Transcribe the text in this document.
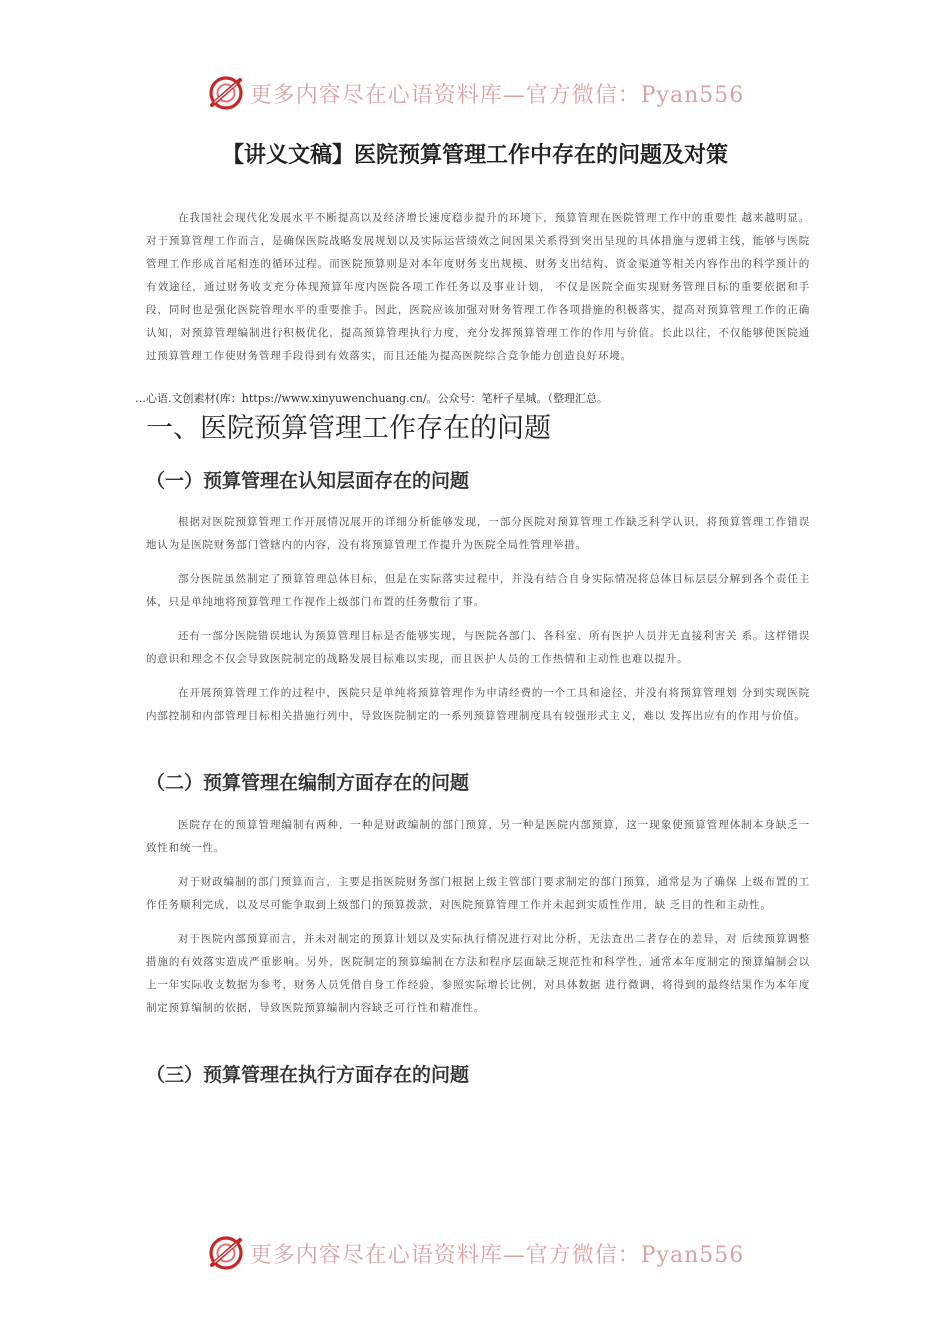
更多内容尽在心语资料库—官方微信：Pyan556
【讲义文稿】医院预算管理工作中存在的问题及对策

在我国社会现代化发展水平不断提高以及经济增长速度稳步提升的环境下，预算管理在医院管理工作中的重要性 越来越明显。对于预算管理工作而言，是确保医院战略发展规划以及实际运营绩效之间因果关系得到突出呈现的具体措施与逻辑主线，能够与医院管理工作形成首尾相连的循环过程。而医院预算则是对本年度财务支出规模、财务支出结构、资金渠道等相关内容作出的科学预计的有效途径，通过财务收支充分体现预算年度内医院各项工作任务以及事业计划， 不仅是医院全面实现财务管理目标的重要依据和手段，同时也是强化医院管理水平的重要推手。因此，医院应该加强对财务管理工作各项措施的积极落实，提高对预算管理工作的正确认知，对预算管理编制进行积极优化，提高预算管理执行力度，充分发挥预算管理工作的作用与价值。长此以往，不仅能够使医院通过预算管理工作使财务管理手段得到有效落实，而且还能为提高医院综合竞争能力创造良好环境。

…心语.文创素材(库：https://www.xinyuwenchuang.cn/。公众号：笔杆子星城。（整理汇总。
一、医院预算管理工作存在的问题
（一）预算管理在认知层面存在的问题

根据对医院预算管理工作开展情况展开的详细分析能够发现，一部分医院对预算管理工作缺乏科学认识，将预算管理工作错误地认为是医院财务部门管辖内的内容，没有将预算管理工作提升为医院全局性管理举措。

部分医院虽然制定了预算管理总体目标，但是在实际落实过程中，并没有结合自身实际情况将总体目标层层分解到各个责任主体，只是单纯地将预算管理工作视作上级部门布置的任务敷衍了事。

还有一部分医院错误地认为预算管理目标是否能够实现，与医院各部门、各科室、所有医护人员并无直接利害关 系。这样错误的意识和理念不仅会导致医院制定的战略发展目标难以实现，而且医护人员的工作热情和主动性也难以提升。

在开展预算管理工作的过程中，医院只是单纯将预算管理作为申请经费的一个工具和途径，并没有将预算管理划 分到实现医院内部控制和内部管理目标相关措施行列中，导致医院制定的一系列预算管理制度具有较强形式主义，难以 发挥出应有的作用与价值。

（二）预算管理在编制方面存在的问题

医院存在的预算管理编制有两种，一种是财政编制的部门预算，另一种是医院内部预算，这一现象使预算管理体制本身缺乏一致性和统一性。

对于财政编制的部门预算而言，主要是指医院财务部门根据上级主管部门要求制定的部门预算，通常是为了确保 上级布置的工作任务顺利完成，以及尽可能争取到上级部门的预算拨款，对医院预算管理工作并未起到实质性作用，缺 乏目的性和主动性。

对于医院内部预算而言，并未对制定的预算计划以及实际执行情况进行对比分析，无法查出二者存在的差异，对 后续预算调整措施的有效落实造成严重影响。另外，医院制定的预算编制在方法和程序层面缺乏规范性和科学性，通常本年度制定的预算编制会以上一年实际收支数据为参考，财务人员凭借自身工作经验，参照实际增长比例，对具体数据 进行微调，将得到的最终结果作为本年度制定预算编制的依据，导致医院预算编制内容缺乏可行性和精准性。

（三）预算管理在执行方面存在的问题
更多内容尽在心语资料库—官方微信：Pyan556
